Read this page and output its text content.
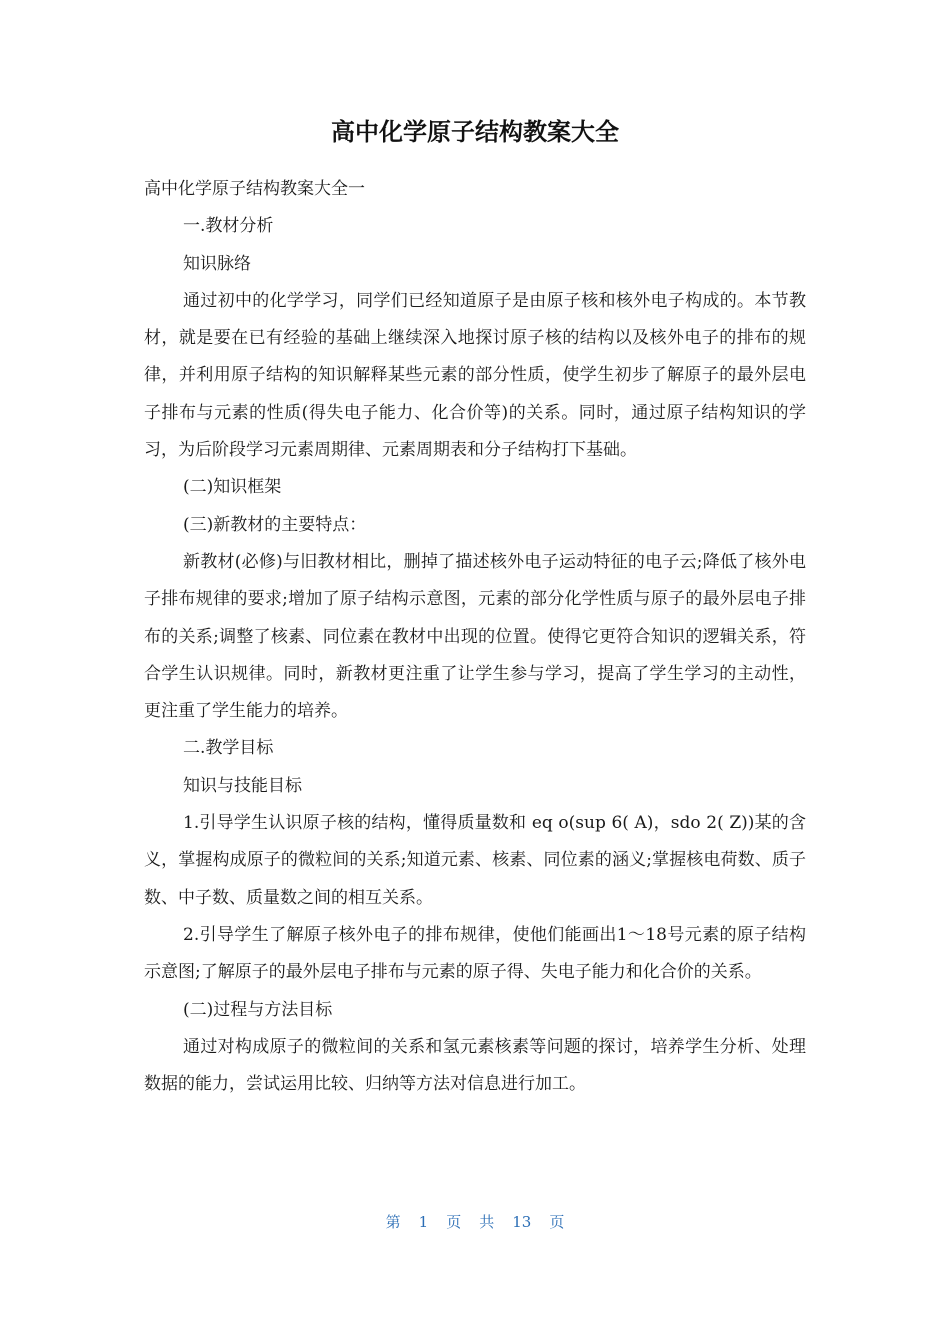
高中化学原子结构教案大全

高中化学原子结构教案大全一

一.教材分析

知识脉络

通过初中的化学学习，同学们已经知道原子是由原子核和核外电子构成的。本节教材，就是要在已有经验的基础上继续深入地探讨原子核的结构以及核外电子的排布的规律，并利用原子结构的知识解释某些元素的部分性质，使学生初步了解原子的最外层电子排布与元素的性质(得失电子能力、化合价等)的关系。同时，通过原子结构知识的学习，为后阶段学习元素周期律、元素周期表和分子结构打下基础。

(二)知识框架

(三)新教材的主要特点：

新教材(必修)与旧教材相比，删掉了描述核外电子运动特征的电子云;降低了核外电子排布规律的要求;增加了原子结构示意图，元素的部分化学性质与原子的最外层电子排布的关系;调整了核素、同位素在教材中出现的位置。使得它更符合知识的逻辑关系，符合学生认识规律。同时，新教材更注重了让学生参与学习，提高了学生学习的主动性，更注重了学生能力的培养。

二.教学目标

知识与技能目标

1.引导学生认识原子核的结构，懂得质量数和 eq o(sup 6( A)，sdo 2( Z))某的含义，掌握构成原子的微粒间的关系;知道元素、核素、同位素的涵义;掌握核电荷数、质子数、中子数、质量数之间的相互关系。

2.引导学生了解原子核外电子的排布规律，使他们能画出1～18号元素的原子结构示意图;了解原子的最外层电子排布与元素的原子得、失电子能力和化合价的关系。

(二)过程与方法目标

通过对构成原子的微粒间的关系和氢元素核素等问题的探讨，培养学生分析、处理数据的能力，尝试运用比较、归纳等方法对信息进行加工。

第 1 页 共 13 页
